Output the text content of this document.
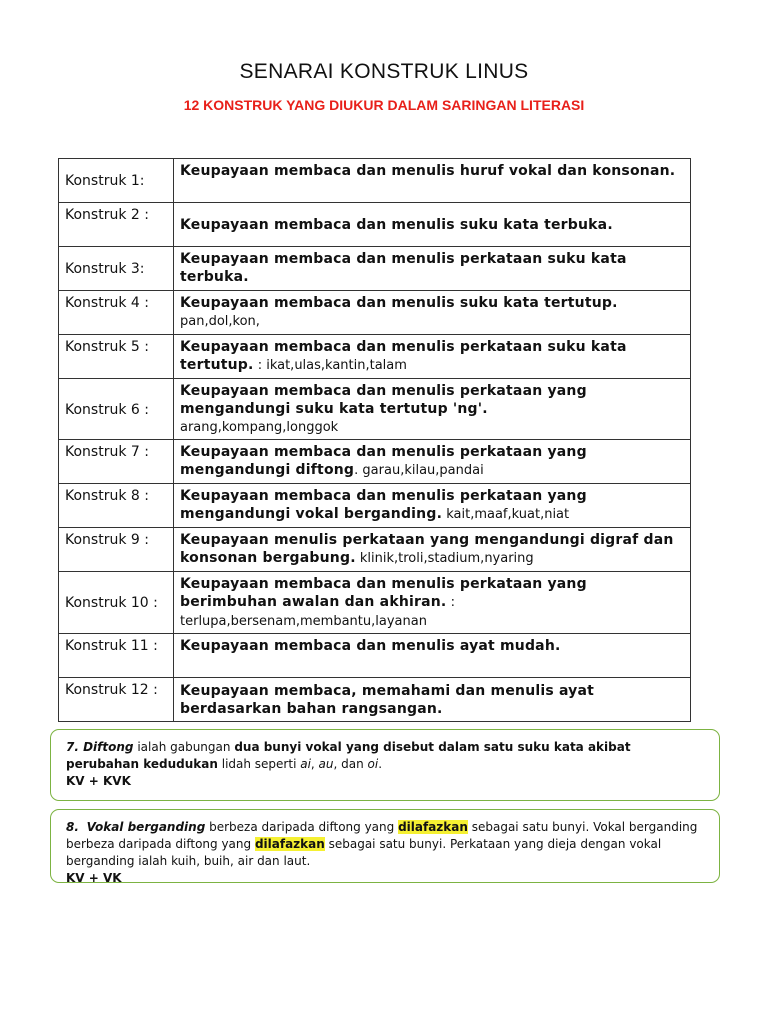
SENARAI KONSTRUK LINUS
12 KONSTRUK YANG DIUKUR DALAM SARINGAN LITERASI
Konstruk 1:	Keupayaan membaca dan menulis huruf vokal dan konsonan.
Konstruk 2 :	Keupayaan membaca dan menulis suku kata terbuka.
Konstruk 3:	Keupayaan membaca dan menulis perkataan suku kata terbuka.
Konstruk 4 :	Keupayaan membaca dan menulis suku kata tertutup.
pan,dol,kon,
Konstruk 5 :	Keupayaan membaca dan menulis perkataan suku kata tertutup. : ikat,ulas,kantin,talam
Konstruk 6 :	Keupayaan membaca dan menulis perkataan yang mengandungi suku kata tertutup 'ng'.
arang,kompang,longgok
Konstruk 7 :	Keupayaan membaca dan menulis perkataan yang mengandungi diftong. garau,kilau,pandai
Konstruk 8 :	Keupayaan membaca dan menulis perkataan yang mengandungi vokal berganding. kait,maaf,kuat,niat
Konstruk 9 :	Keupayaan menulis perkataan yang mengandungi digraf dan konsonan bergabung. klinik,troli,stadium,nyaring
Konstruk 10 :	Keupayaan membaca dan menulis perkataan yang berimbuhan awalan dan akhiran. : terlupa,bersenam,membantu,layanan
Konstruk 11 :	Keupayaan membaca dan menulis ayat mudah.
Konstruk 12 :	Keupayaan membaca, memahami dan menulis ayat berdasarkan bahan rangsangan.
7. Diftong ialah gabungan dua bunyi vokal yang disebut dalam satu suku kata akibat perubahan kedudukan lidah seperti ai, au, dan oi.
KV + KVK
8. Vokal berganding berbeza daripada diftong yang dilafazkan sebagai satu bunyi. Vokal berganding berbeza daripada diftong yang dilafazkan sebagai satu bunyi. Perkataan yang dieja dengan vokal berganding ialah kuih, buih, air dan laut.
KV + VK
